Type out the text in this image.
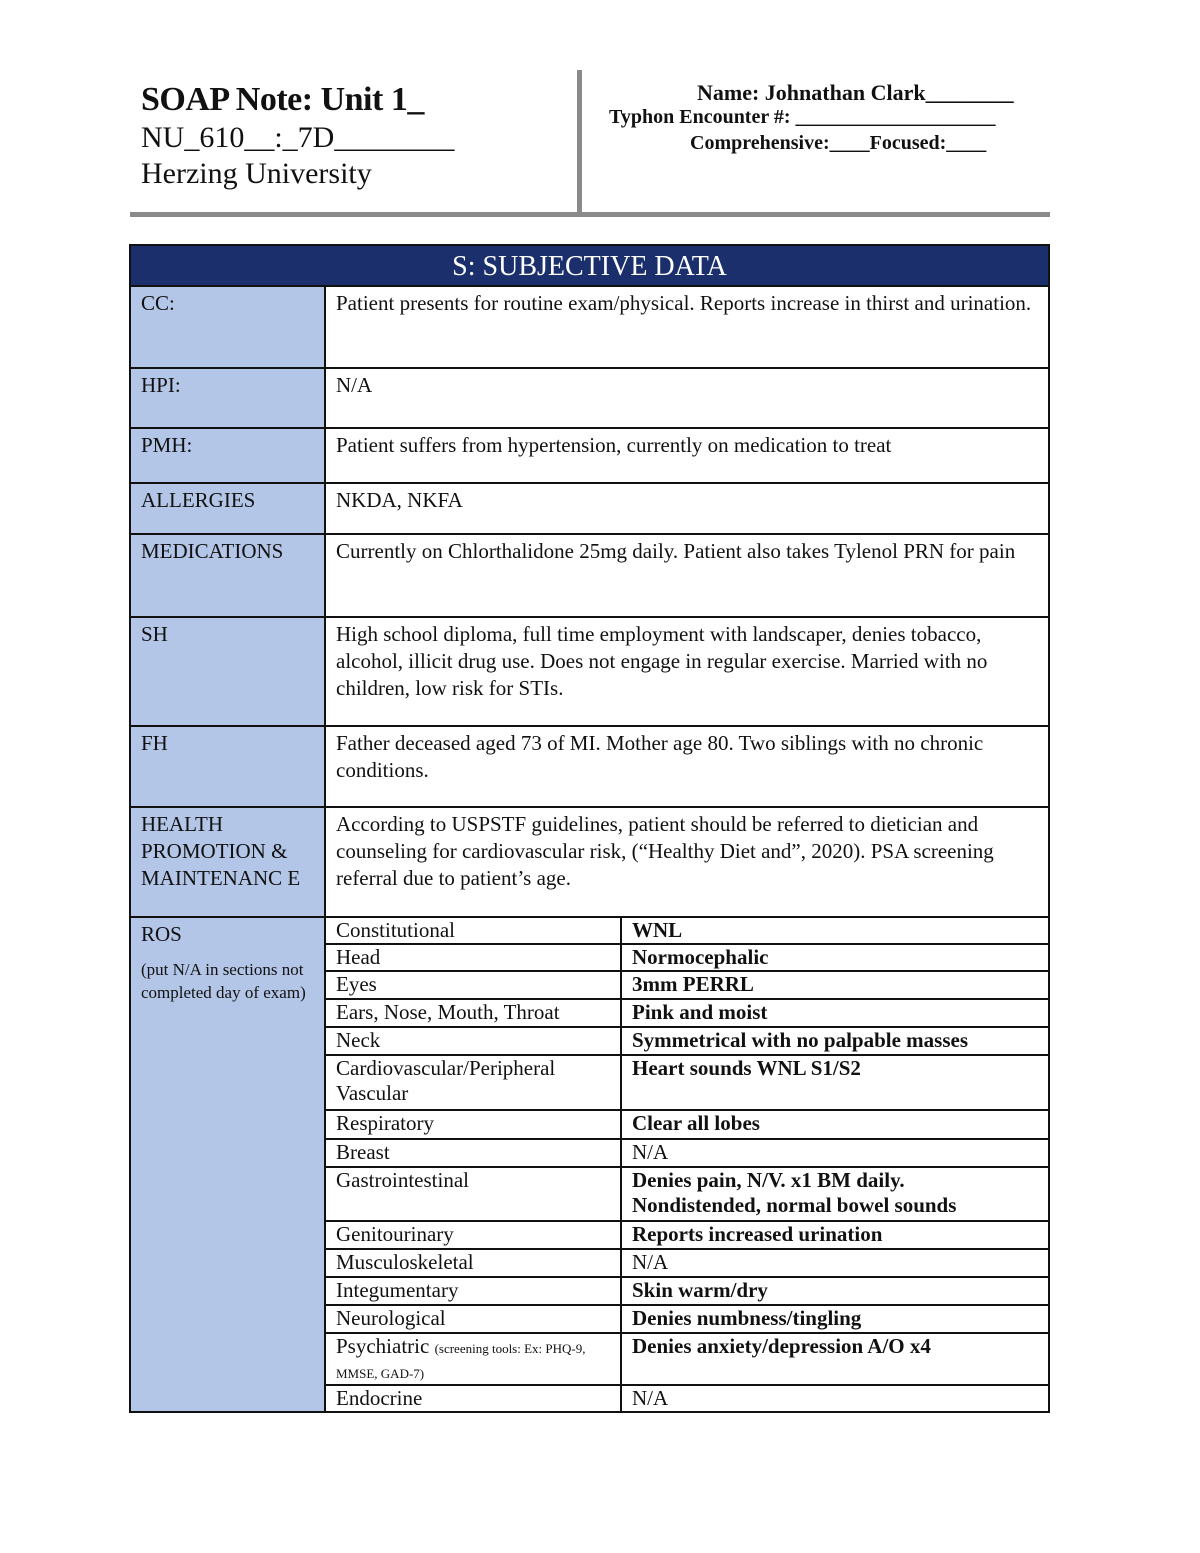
SOAP Note: Unit 1_
NU_610__:_7D________
Herzing University
Name: Johnathan Clark________
Typhon Encounter #: ____________________
Comprehensive:____Focused:____
S: SUBJECTIVE DATA		
CC:	Patient presents for routine exam/physical. Reports increase in thirst and urination.	
HPI:	N/A	
PMH:	Patient suffers from hypertension, currently on medication to treat	
ALLERGIES	NKDA, NKFA	
MEDICATIONS	Currently on Chlorthalidone 25mg daily. Patient also takes Tylenol PRN for pain	
SH	High school diploma, full time employment with landscaper, denies tobacco, alcohol, illicit drug use. Does not engage in regular exercise. Married with no children, low risk for STIs.	
FH	Father deceased aged 73 of MI. Mother age 80. Two siblings with no chronic conditions.	
HEALTH PROMOTION & MAINTENANC E	According to USPSTF guidelines, patient should be referred to dietician and counseling for cardiovascular risk, (“Healthy Diet and”, 2020). PSA screening referral due to patient’s age.	
ROS
(put N/A in sections not completed day of exam)	Constitutional	WNL
	Head	Normocephalic
	Eyes	3mm PERRL
	Ears, Nose, Mouth, Throat	Pink and moist
	Neck	Symmetrical with no palpable masses
	Cardiovascular/Peripheral Vascular	Heart sounds WNL S1/S2
	Respiratory	Clear all lobes
	Breast	N/A
	Gastrointestinal	Denies pain, N/V. x1 BM daily. Nondistended, normal bowel sounds
	Genitourinary	Reports increased urination
	Musculoskeletal	N/A
	Integumentary	Skin warm/dry
	Neurological	Denies numbness/tingling
	Psychiatric (screening tools: Ex: PHQ-9, MMSE, GAD-7)	Denies anxiety/depression A/O x4
	Endocrine	N/A
